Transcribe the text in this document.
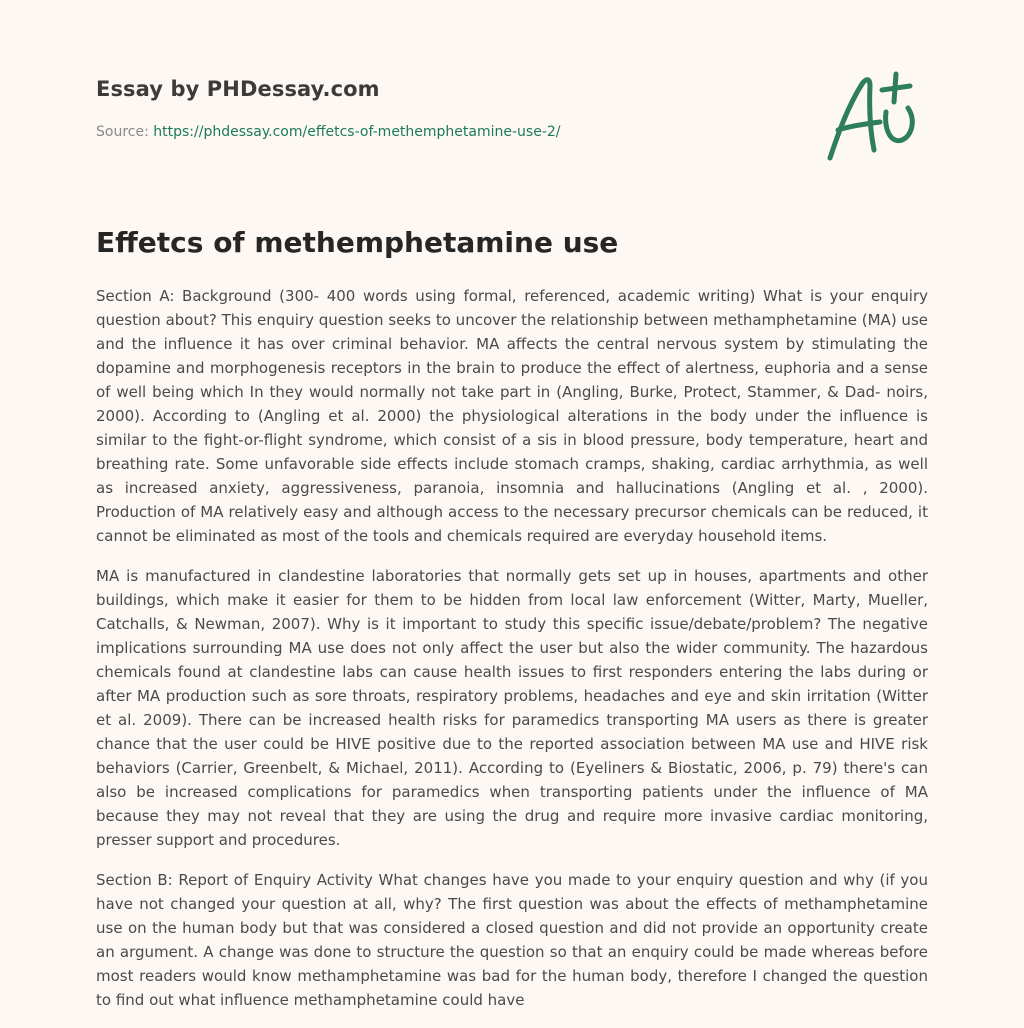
Essay by PHDessay.com
Source: https://phdessay.com/effetcs-of-methemphetamine-use-2/
Effetcs of methemphetamine use

Section A: Background (300- 400 words using formal, referenced, academic writing) What is your enquiry question about? This enquiry question seeks to uncover the relationship between methamphetamine (MA) use and the influence it has over criminal behavior. MA affects the central nervous system by stimulating the dopamine and morphogenesis receptors in the brain to produce the effect of alertness, euphoria and a sense of well being which In they would normally not take part in (Angling, Burke, Protect, Stammer, & Dad- noirs, 2000). According to (Angling et al. 2000) the physiological alterations in the body under the influence is similar to the fight-or-flight syndrome, which consist of a sis in blood pressure, body temperature, heart and breathing rate. Some unfavorable side effects include stomach cramps, shaking, cardiac arrhythmia, as well as increased anxiety, aggressiveness, paranoia, insomnia and hallucinations (Angling et al. , 2000). Production of MA relatively easy and although access to the necessary precursor chemicals can be reduced, it cannot be eliminated as most of the tools and chemicals required are everyday household items.

MA is manufactured in clandestine laboratories that normally gets set up in houses, apartments and other buildings, which make it easier for them to be hidden from local law enforcement (Witter, Marty, Mueller, Catchalls, & Newman, 2007). Why is it important to study this specific issue/debate/problem? The negative implications surrounding MA use does not only affect the user but also the wider community. The hazardous chemicals found at clandestine labs can cause health issues to first responders entering the labs during or after MA production such as sore throats, respiratory problems, headaches and eye and skin irritation (Witter et al. 2009). There can be increased health risks for paramedics transporting MA users as there is greater chance that the user could be HIVE positive due to the reported association between MA use and HIVE risk behaviors (Carrier, Greenbelt, & Michael, 2011). According to (Eyeliners & Biostatic, 2006, p. 79) there's can also be increased complications for paramedics when transporting patients under the influence of MA because they may not reveal that they are using the drug and require more invasive cardiac monitoring, presser support and procedures.

Section B: Report of Enquiry Activity What changes have you made to your enquiry question and why (if you have not changed your question at all, why? The first question was about the effects of methamphetamine use on the human body but that was considered a closed question and did not provide an opportunity create an argument. A change was done to structure the question so that an enquiry could be made whereas before most readers would know methamphetamine was bad for the human body, therefore I changed the question to find out what influence methamphetamine could have
